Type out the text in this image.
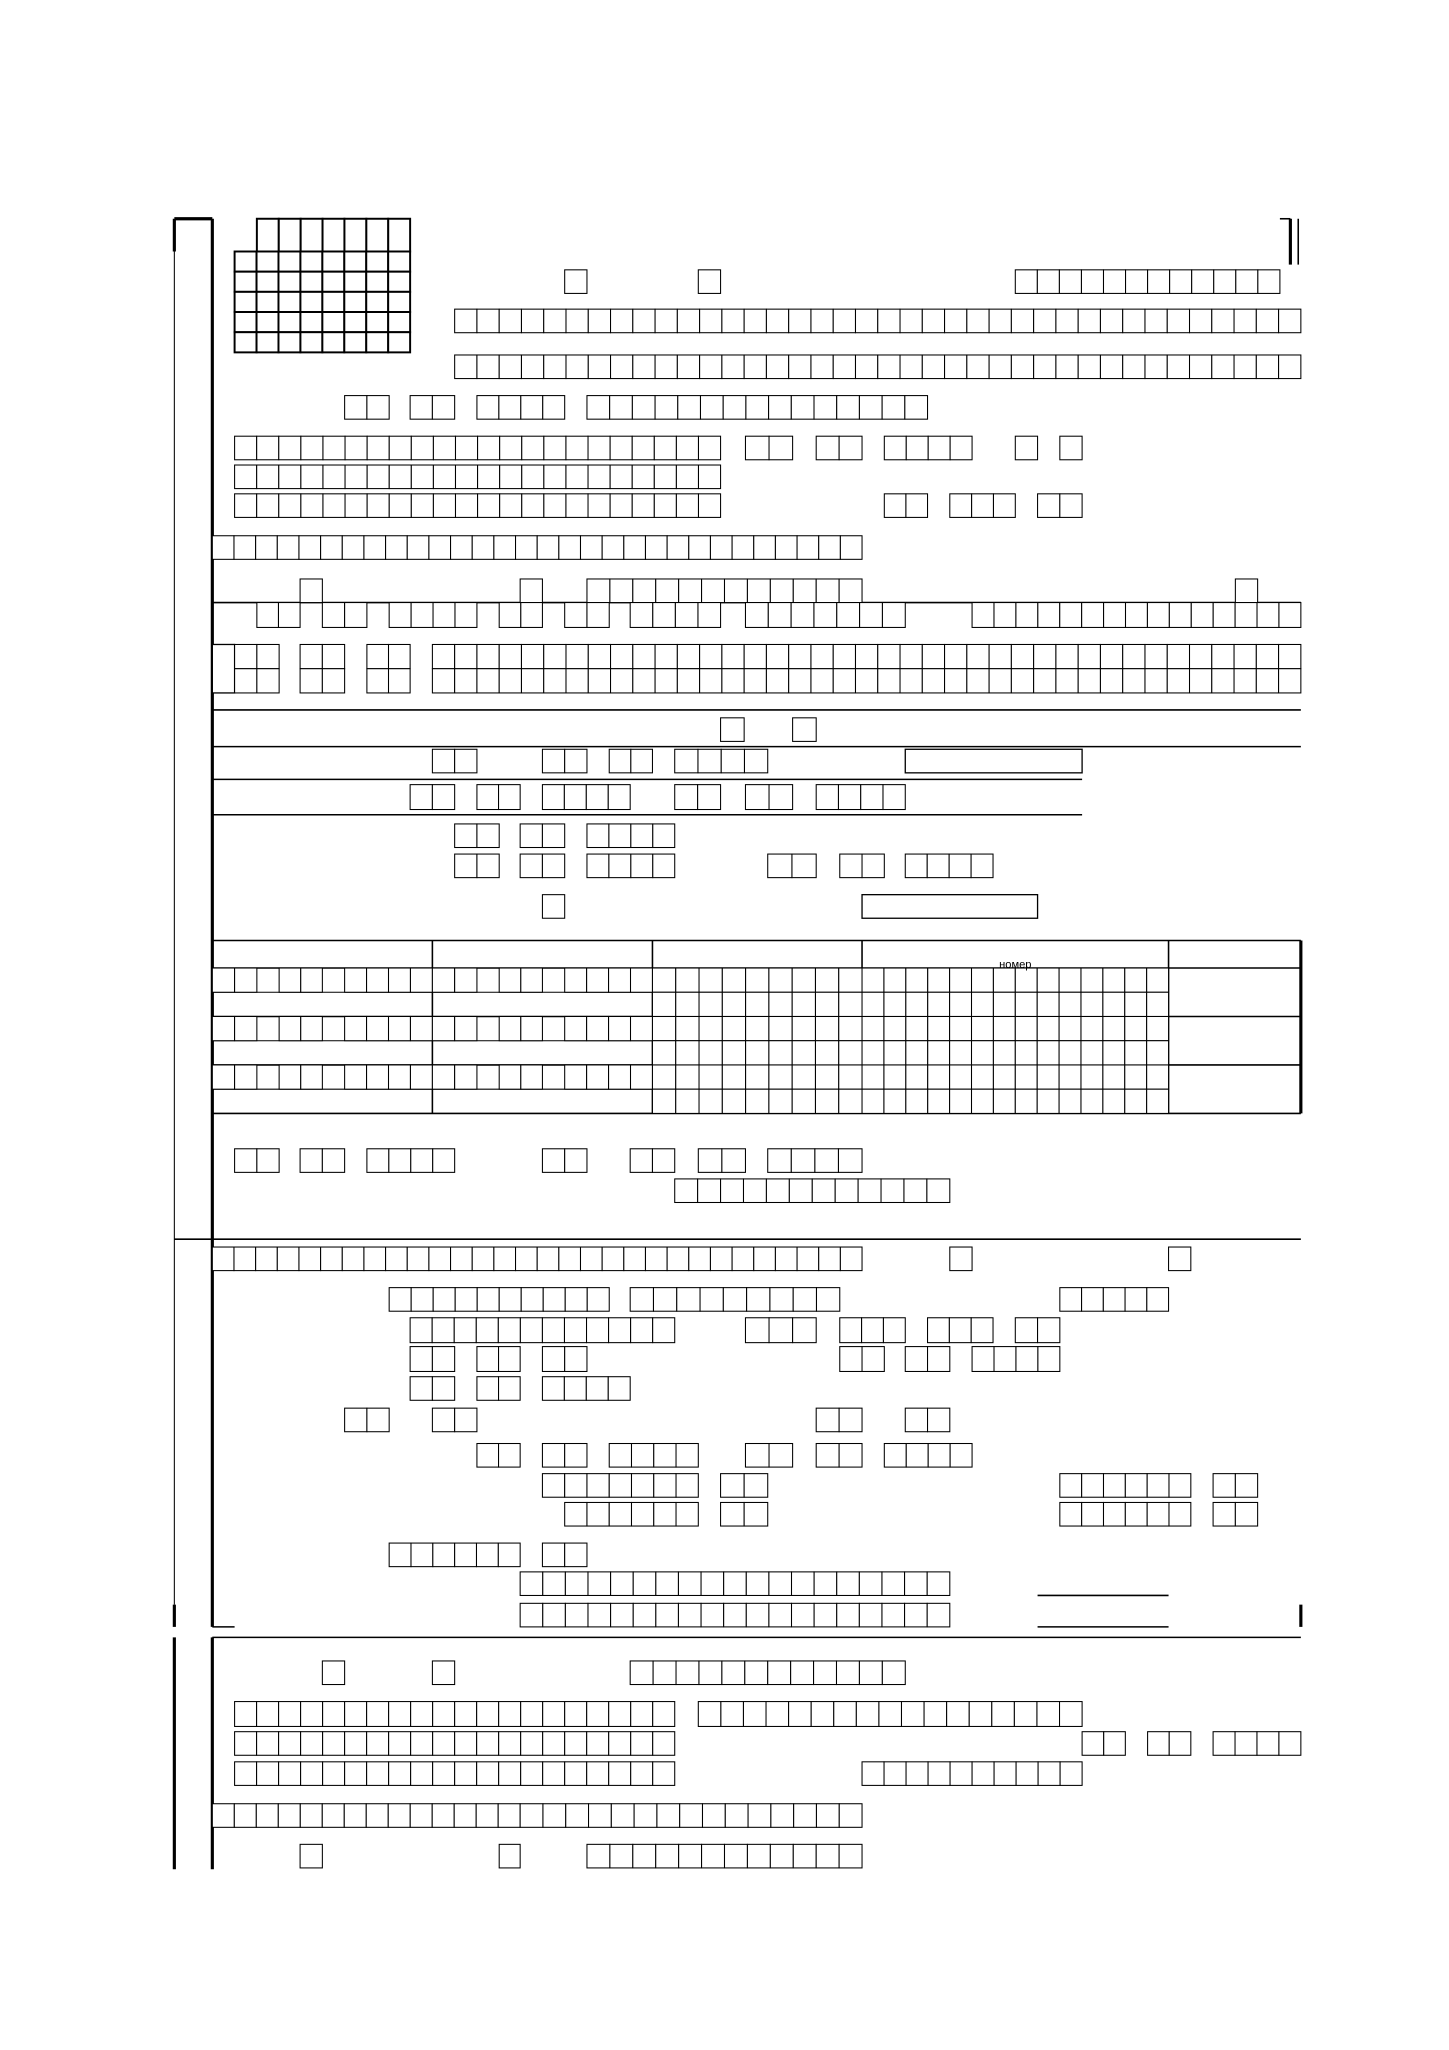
номер
